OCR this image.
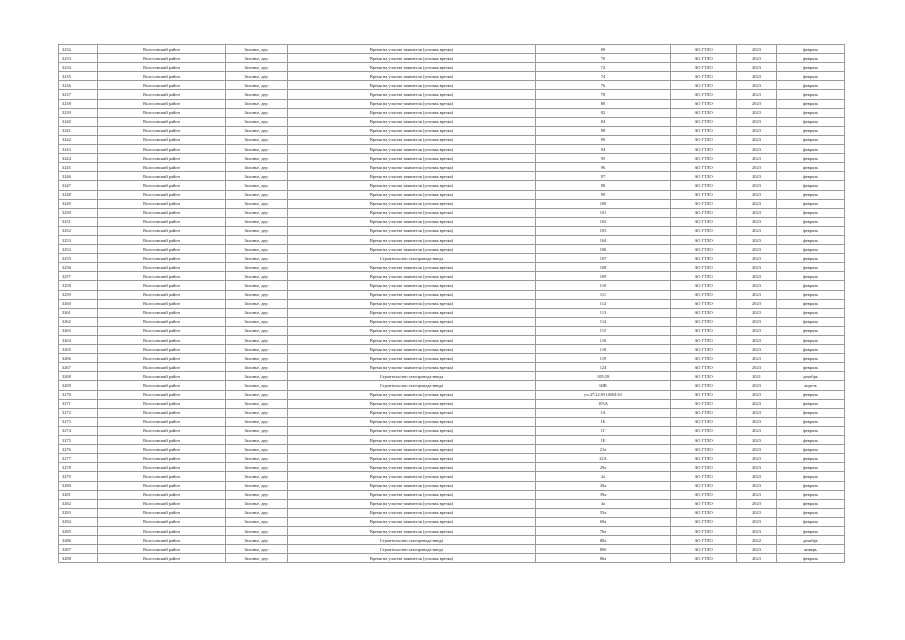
3232	Волосовский район	Захонье, дер.	Время на участке заявителя (угловая врезка)	69	АО ГТЛО	2023	февраль
3233	Волосовский район	Захонье, дер.	Время на участке заявителя (угловая врезка)	70	АО ГТЛО	2023	февраль
3234	Волосовский район	Захонье, дер.	Время на участке заявителя (угловая врезка)	72	АО ГТЛО	2023	февраль
3235	Волосовский район	Захонье, дер.	Время на участке заявителя (угловая врезка)	74	АО ГТЛО	2023	февраль
3236	Волосовский район	Захонье, дер.	Время на участке заявителя (угловая врезка)	76	АО ГТЛО	2023	февраль
3237	Волосовский район	Захонье, дер.	Время на участке заявителя (угловая врезка)	78	АО ГТЛО	2023	февраль
3238	Волосовский район	Захонье, дер.	Время на участке заявителя (угловая врезка)	80	АО ГТЛО	2023	февраль
3239	Волосовский район	Захонье, дер.	Время на участке заявителя (угловая врезка)	82	АО ГТЛО	2023	февраль
3240	Волосовский район	Захонье, дер.	Время на участке заявителя (угловая врезка)	84	АО ГТЛО	2023	февраль
3241	Волосовский район	Захонье, дер.	Время на участке заявителя (угловая врезка)	88	АО ГТЛО	2023	февраль
3242	Волосовский район	Захонье, дер.	Время на участке заявителя (угловая врезка)	90	АО ГТЛО	2023	февраль
3243	Волосовский район	Захонье, дер.	Время на участке заявителя (угловая врезка)	94	АО ГТЛО	2023	февраль
3244	Волосовский район	Захонье, дер.	Время на участке заявителя (угловая врезка)	95	АО ГТЛО	2023	февраль
3245	Волосовский район	Захонье, дер.	Время на участке заявителя (угловая врезка)	96	АО ГТЛО	2023	февраль
3246	Волосовский район	Захонье, дер.	Время на участке заявителя (угловая врезка)	97	АО ГТЛО	2023	февраль
3247	Волосовский район	Захонье, дер.	Время на участке заявителя (угловая врезка)	98	АО ГТЛО	2023	февраль
3248	Волосовский район	Захонье, дер.	Время на участке заявителя (угловая врезка)	99	АО ГТЛО	2023	февраль
3249	Волосовский район	Захонье, дер.	Время на участке заявителя (угловая врезка)	100	АО ГТЛО	2023	февраль
3250	Волосовский район	Захонье, дер.	Время на участке заявителя (угловая врезка)	101	АО ГТЛО	2023	февраль
3251	Волосовский район	Захонье, дер.	Время на участке заявителя (угловая врезка)	102	АО ГТЛО	2023	февраль
3252	Волосовский район	Захонье, дер.	Время на участке заявителя (угловая врезка)	103	АО ГТЛО	2023	февраль
3253	Волосовский район	Захонье, дер.	Время на участке заявителя (угловая врезка)	104	АО ГТЛО	2023	февраль
3254	Волосовский район	Захонье, дер.	Время на участке заявителя (угловая врезка)	106	АО ГТЛО	2023	февраль
3255	Волосовский район	Захонье, дер.	Строительство газопровода-ввода	107	АО ГТЛО	2023	февраль
3256	Волосовский район	Захонье, дер.	Время на участке заявителя (угловая врезка)	108	АО ГТЛО	2023	февраль
3257	Волосовский район	Захонье, дер.	Время на участке заявителя (угловая врезка)	109	АО ГТЛО	2023	февраль
3258	Волосовский район	Захонье, дер.	Время на участке заявителя (угловая врезка)	110	АО ГТЛО	2023	февраль
3259	Волосовский район	Захонье, дер.	Время на участке заявителя (угловая врезка)	111	АО ГТЛО	2023	февраль
3260	Волосовский район	Захонье, дер.	Время на участке заявителя (угловая врезка)	112	АО ГТЛО	2023	февраль
3261	Волосовский район	Захонье, дер.	Время на участке заявителя (угловая врезка)	113	АО ГТЛО	2023	февраль
3262	Волосовский район	Захонье, дер.	Время на участке заявителя (угловая врезка)	114	АО ГТЛО	2023	февраль
3263	Волосовский район	Захонье, дер.	Время на участке заявителя (угловая врезка)	115	АО ГТЛО	2023	февраль
3264	Волосовский район	Захонье, дер.	Время на участке заявителя (угловая врезка)	116	АО ГТЛО	2023	февраль
3265	Волосовский район	Захонье, дер.	Время на участке заявителя (угловая врезка)	118	АО ГТЛО	2023	февраль
3266	Волосовский район	Захонье, дер.	Время на участке заявителя (угловая врезка)	119	АО ГТЛО	2023	февраль
3267	Волосовский район	Захонье, дер.	Время на участке заявителя (угловая врезка)	124	АО ГТЛО	2023	февраль
3268	Волосовский район	Захонье, дер.	Строительство газопровода-ввода	105/29	АО ГТЛО	2021	декабрь
3269	Волосовский район	Захонье, дер.	Строительство газопровода-ввода	60В	АО ГТЛО	2023	апрель
3270	Волосовский район	Захонье, дер.	Время на участке заявителя (угловая врезка)	уч.47:22:0514004:63	АО ГТЛО	2023	февраль
3271	Волосовский район	Захонье, дер.	Время на участке заявителя (угловая врезка)	105А	АО ГТЛО	2023	февраль
3272	Волосовский район	Захонье, дер.	Время на участке заявителя (угловая врезка)	1А	АО ГТЛО	2023	февраль
3273	Волосовский район	Захонье, дер.	Время на участке заявителя (угловая врезка)	1Б	АО ГТЛО	2023	февраль
3274	Волосовский район	Захонье, дер.	Время на участке заявителя (угловая врезка)	1Г	АО ГТЛО	2023	февраль
3275	Волосовский район	Захонье, дер.	Время на участке заявителя (угловая врезка)	1Е	АО ГТЛО	2023	февраль
3276	Волосовский район	Захонье, дер.	Время на участке заявителя (угловая врезка)	21а	АО ГТЛО	2023	февраль
3277	Волосовский район	Захонье, дер.	Время на участке заявителя (угловая врезка)	22А	АО ГТЛО	2023	февраль
3278	Волосовский район	Захонье, дер.	Время на участке заявителя (угловая врезка)	29а	АО ГТЛО	2023	февраль
3279	Волосовский район	Захонье, дер.	Время на участке заявителя (угловая врезка)	2а	АО ГТЛО	2023	февраль
3280	Волосовский район	Захонье, дер.	Время на участке заявителя (угловая врезка)	30а	АО ГТЛО	2023	февраль
3281	Волосовский район	Захонье, дер.	Время на участке заявителя (угловая врезка)	39а	АО ГТЛО	2023	февраль
3282	Волосовский район	Захонье, дер.	Время на участке заявителя (угловая врезка)	3а	АО ГТЛО	2023	февраль
3283	Волосовский район	Захонье, дер.	Время на участке заявителя (угловая врезка)	55а	АО ГТЛО	2023	февраль
3284	Волосовский район	Захонье, дер.	Время на участке заявителя (угловая врезка)	60а	АО ГТЛО	2023	февраль
3285	Волосовский район	Захонье, дер.	Время на участке заявителя (угловая врезка)	76а	АО ГТЛО	2023	февраль
3286	Волосовский район	Захонье, дер.	Строительство газопровода-ввода	80а	АО ГТЛО	2022	декабрь
3287	Волосовский район	Захонье, дер.	Строительство газопровода-ввода	80б	АО ГТЛО	2023	январь
3288	Волосовский район	Захонье, дер.	Время на участке заявителя (угловая врезка)	86а	АО ГТЛО	2023	февраль
